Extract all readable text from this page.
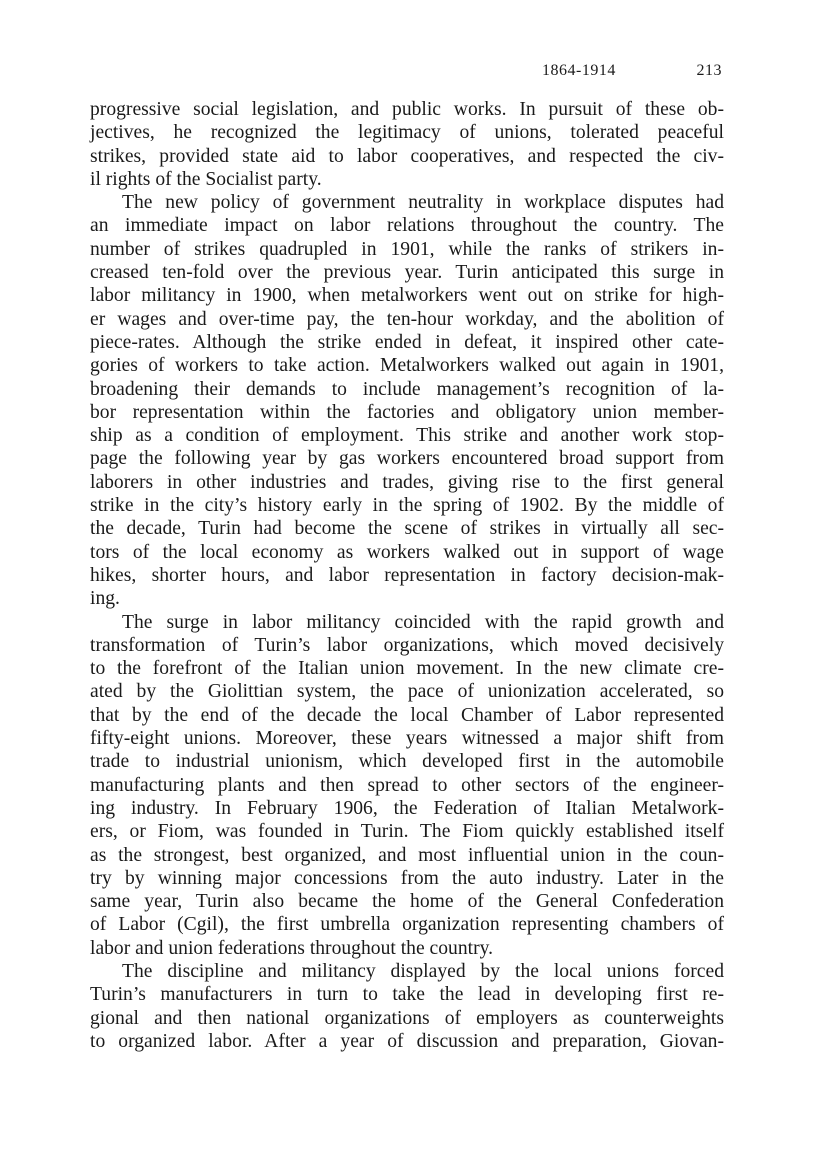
1864-1914	213
progressive social legislation, and public works. In pursuit of these ob-
jectives, he recognized the legitimacy of unions, tolerated peaceful
strikes, provided state aid to labor cooperatives, and respected the civ-
il rights of the Socialist party.
The new policy of government neutrality in workplace disputes had
an immediate impact on labor relations throughout the country. The
number of strikes quadrupled in 1901, while the ranks of strikers in-
creased ten-fold over the previous year. Turin anticipated this surge in
labor militancy in 1900, when metalworkers went out on strike for high-
er wages and over-time pay, the ten-hour workday, and the abolition of
piece-rates. Although the strike ended in defeat, it inspired other cate-
gories of workers to take action. Metalworkers walked out again in 1901,
broadening their demands to include management’s recognition of la-
bor representation within the factories and obligatory union member-
ship as a condition of employment. This strike and another work stop-
page the following year by gas workers encountered broad support from
laborers in other industries and trades, giving rise to the first general
strike in the city’s history early in the spring of 1902. By the middle of
the decade, Turin had become the scene of strikes in virtually all sec-
tors of the local economy as workers walked out in support of wage
hikes, shorter hours, and labor representation in factory decision-mak-
ing.
The surge in labor militancy coincided with the rapid growth and
transformation of Turin’s labor organizations, which moved decisively
to the forefront of the Italian union movement. In the new climate cre-
ated by the Giolittian system, the pace of unionization accelerated, so
that by the end of the decade the local Chamber of Labor represented
fifty-eight unions. Moreover, these years witnessed a major shift from
trade to industrial unionism, which developed first in the automobile
manufacturing plants and then spread to other sectors of the engineer-
ing industry. In February 1906, the Federation of Italian Metalwork-
ers, or Fiom, was founded in Turin. The Fiom quickly established itself
as the strongest, best organized, and most influential union in the coun-
try by winning major concessions from the auto industry. Later in the
same year, Turin also became the home of the General Confederation
of Labor (Cgil), the first umbrella organization representing chambers of
labor and union federations throughout the country.
The discipline and militancy displayed by the local unions forced
Turin’s manufacturers in turn to take the lead in developing first re-
gional and then national organizations of employers as counterweights
to organized labor. After a year of discussion and preparation, Giovan-
